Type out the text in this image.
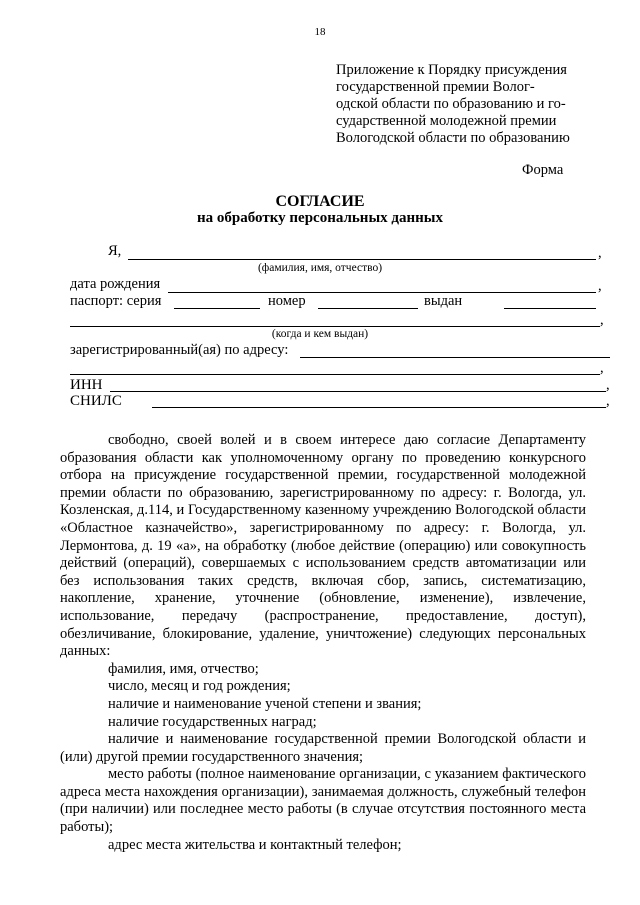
18
Приложение к Порядку присуждения
государственной премии Волог-
одской области по образованию и го-
сударственной молодежной премии
Вологодской области по образованию
Форма
СОГЛАСИЕ
на обработку персональных данных
Я,	,
(фамилия, имя, отчество)
дата рождения	,
паспорт: серия	номер	выдан
,
(когда и кем выдан)
зарегистрированный(ая) по адресу:
,
ИНН	,
СНИЛС	,

свободно, своей волей и в своем интересе даю согласие Департаменту образования области как уполномоченному органу по проведению конкурсного отбора на присуждение государственной премии, государственной молодежной премии области по образованию, зарегистрированному по адресу: г. Вологда, ул. Козленская, д.114, и Государственному казенному учреждению Вологодской области «Областное казначейство», зарегистрированному по адресу: г. Вологда, ул. Лермонтова, д. 19 «а», на обработку (любое действие (операцию) или совокупность действий (операций), совершаемых с использованием средств автоматизации или без использования таких средств, включая сбор, запись, систематизацию, накопление, хранение, уточнение (обновление, изменение), извлечение, использование, передачу (распространение, предоставление, доступ), обезличивание, блокирование, удаление, уничтожение) следующих персональных данных:

фамилия, имя, отчество;

число, месяц и год рождения;

наличие и наименование ученой степени и звания;

наличие государственных наград;

наличие и наименование государственной премии Вологодской области и (или) другой премии государственного значения;

место работы (полное наименование организации, с указанием фактического адреса места нахождения организации), занимаемая должность, служебный телефон (при наличии) или последнее место работы (в случае отсутствия постоянного места работы);

адрес места жительства и контактный телефон;
